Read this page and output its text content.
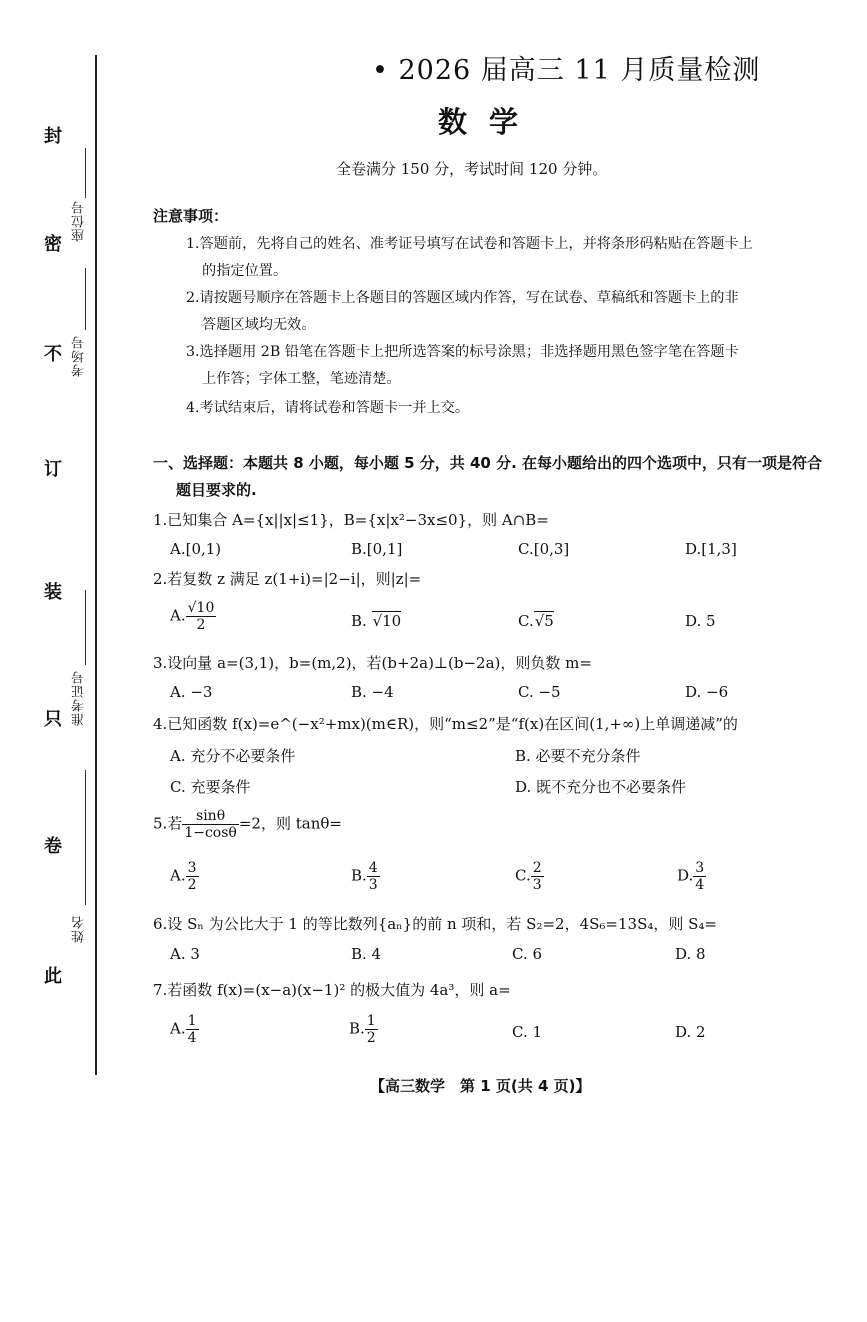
封
密
不
订
装
只
卷
此
座位号
考场号
准考证号
姓名
• 2026 届高三 11 月质量检测
数学
全卷满分 150 分，考试时间 120 分钟。
注意事项：
1.答题前，先将自己的姓名、准考证号填写在试卷和答题卡上，并将条形码粘贴在答题卡上
的指定位置。
2.请按题号顺序在答题卡上各题目的答题区域内作答，写在试卷、草稿纸和答题卡上的非
答题区域均无效。
3.选择题用 2B 铅笔在答题卡上把所选答案的标号涂黑；非选择题用黑色签字笔在答题卡
上作答；字体工整，笔迹清楚。
4.考试结束后，请将试卷和答题卡一并上交。
一、选择题：本题共 8 小题，每小题 5 分，共 40 分. 在每小题给出的四个选项中，只有一项是符合
题目要求的.
1.已知集合 A={x||x|≤1}，B={x|x²−3x≤0}，则 A∩B=
A.[0,1)	B.[0,1]	C.[0,3]	D.[1,3]
2.若复数 z 满足 z(1+i)=|2−i|，则|z|=
A. $\frac{√10}{2}$	B. √10	C.√5	D. 5
3.设向量 a=(3,1)，b=(m,2)，若(b+2a)⊥(b−2a)，则负数 m=
A. −3	B. −4	C. −5	D. −6
4.已知函数 f(x)=e^(−x²+mx)(m∈R)，则“m≤2”是“f(x)在区间(1,+∞)上单调递减”的
A. 充分不必要条件	B. 必要不充分条件
C. 充要条件	D. 既不充分也不必要条件
5.若 $\frac{\sin\theta}{1-\cos\theta} =2$，则 tanθ=
A. $\frac{3}{2}$	B. $\frac{4}{3}$	C. $\frac{2}{3}$	D. $\frac{3}{4}$
6.设 Sₙ 为公比大于 1 的等比数列{aₙ}的前 n 项和，若 S₂=2，4S₆=13S₄，则 S₄=
A. 3	B. 4	C. 6	D. 8
7.若函数 f(x)=(x−a)(x−1)² 的极大值为 4a³，则 a=
A. $\frac{1}{4}$	B. $\frac{1}{2}$	C. 1	D. 2
【高三数学　第 1 页(共 4 页)】
